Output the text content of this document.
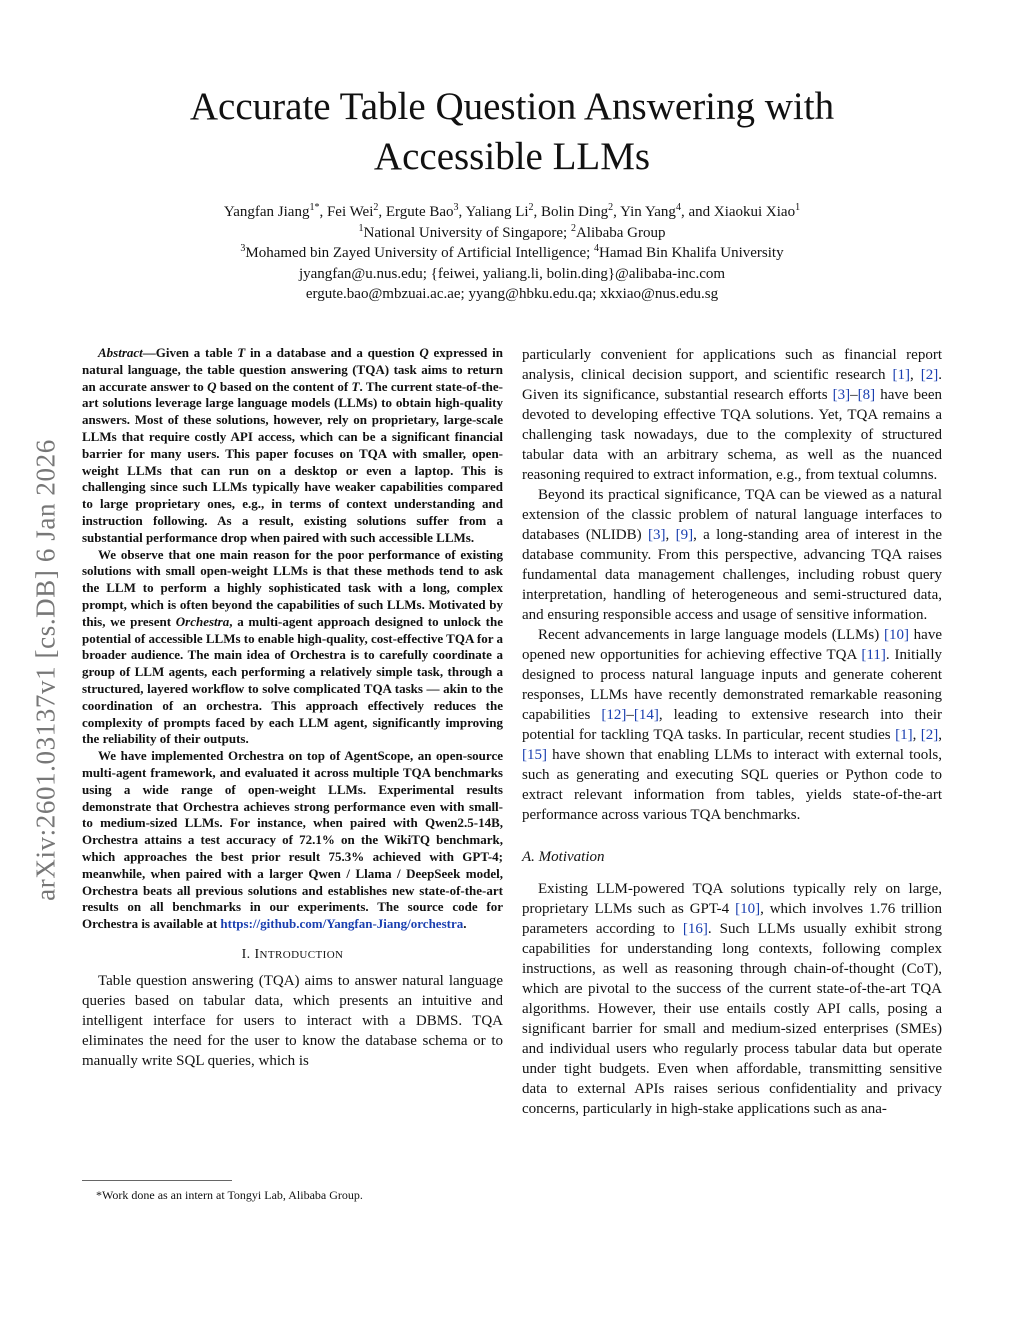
arXiv:2601.03137v1 [cs.DB] 6 Jan 2026
Accurate Table Question Answering with
Accessible LLMs
Yangfan Jiang$^{1*}$, Fei Wei$^2$, Ergute Bao$^3$, Yaliang Li$^2$, Bolin Ding$^2$, Yin Yang$^4$, and Xiaokui Xiao$^1$
$^1$National University of Singapore; $^2$Alibaba Group
$^3$Mohamed bin Zayed University of Artificial Intelligence; $^4$Hamad Bin Khalifa University
jyangfan@u.nus.edu; {feiwei, yaliang.li, bolin.ding}@alibaba-inc.com
ergute.bao@mbzuai.ac.ae; yyang@hbku.edu.qa; xkxiao@nus.edu.sg

Abstract—Given a table T in a database and a question Q expressed in natural language, the table question answering (TQA) task aims to return an accurate answer to Q based on the content of T. The current state-of-the-art solutions leverage large language models (LLMs) to obtain high-quality answers. Most of these solutions, however, rely on proprietary, large-scale LLMs that require costly API access, which can be a significant financial barrier for many users. This paper focuses on TQA with smaller, open-weight LLMs that can run on a desktop or even a laptop. This is challenging since such LLMs typically have weaker capabilities compared to large proprietary ones, e.g., in terms of context understanding and instruction following. As a result, existing solutions suffer from a substantial performance drop when paired with such accessible LLMs.

We observe that one main reason for the poor performance of existing solutions with small open-weight LLMs is that these methods tend to ask the LLM to perform a highly sophisticated task with a long, complex prompt, which is often beyond the capabilities of such LLMs. Motivated by this, we present Orchestra, a multi-agent approach designed to unlock the potential of accessible LLMs to enable high-quality, cost-effective TQA for a broader audience. The main idea of Orchestra is to carefully coordinate a group of LLM agents, each performing a relatively simple task, through a structured, layered workflow to solve complicated TQA tasks — akin to the coordination of an orchestra. This approach effectively reduces the complexity of prompts faced by each LLM agent, significantly improving the reliability of their outputs.

We have implemented Orchestra on top of AgentScope, an open-source multi-agent framework, and evaluated it across multiple TQA benchmarks using a wide range of open-weight LLMs. Experimental results demonstrate that Orchestra achieves strong performance even with small- to medium-sized LLMs. For instance, when paired with Qwen2.5-14B, Orchestra attains a test accuracy of 72.1% on the WikiTQ benchmark, which approaches the best prior result 75.3% achieved with GPT-4; meanwhile, when paired with a larger Qwen / Llama / DeepSeek model, Orchestra beats all previous solutions and establishes new state-of-the-art results on all benchmarks in our experiments. The source code for Orchestra is available at https://github.com/Yangfan-Jiang/orchestra.

I. INTRODUCTION

Table question answering (TQA) aims to answer natural language queries based on tabular data, which presents an intuitive and intelligent interface for users to interact with a DBMS. TQA eliminates the need for the user to know the database schema or to manually write SQL queries, which is

*Work done as an intern at Tongyi Lab, Alibaba Group.

particularly convenient for applications such as financial report analysis, clinical decision support, and scientific research [1], [2]. Given its significance, substantial research efforts [3]–[8] have been devoted to developing effective TQA solutions. Yet, TQA remains a challenging task nowadays, due to the complexity of structured tabular data with an arbitrary schema, as well as the nuanced reasoning required to extract information, e.g., from textual columns.

Beyond its practical significance, TQA can be viewed as a natural extension of the classic problem of natural language interfaces to databases (NLIDB) [3], [9], a long-standing area of interest in the database community. From this perspective, advancing TQA raises fundamental data management challenges, including robust query interpretation, handling of heterogeneous and semi-structured data, and ensuring responsible access and usage of sensitive information.

Recent advancements in large language models (LLMs) [10] have opened new opportunities for achieving effective TQA [11]. Initially designed to process natural language inputs and generate coherent responses, LLMs have recently demonstrated remarkable reasoning capabilities [12]–[14], leading to extensive research into their potential for tackling TQA tasks. In particular, recent studies [1], [2], [15] have shown that enabling LLMs to interact with external tools, such as generating and executing SQL queries or Python code to extract relevant information from tables, yields state-of-the-art performance across various TQA benchmarks.

A. Motivation

Existing LLM-powered TQA solutions typically rely on large, proprietary LLMs such as GPT-4 [10], which involves 1.76 trillion parameters according to [16]. Such LLMs usually exhibit strong capabilities for understanding long contexts, following complex instructions, as well as reasoning through chain-of-thought (CoT), which are pivotal to the success of the current state-of-the-art TQA algorithms. However, their use entails costly API calls, posing a significant barrier for small and medium-sized enterprises (SMEs) and individual users who regularly process tabular data but operate under tight budgets. Even when affordable, transmitting sensitive data to external APIs raises serious confidentiality and privacy concerns, particularly in high-stake applications such as ana-
